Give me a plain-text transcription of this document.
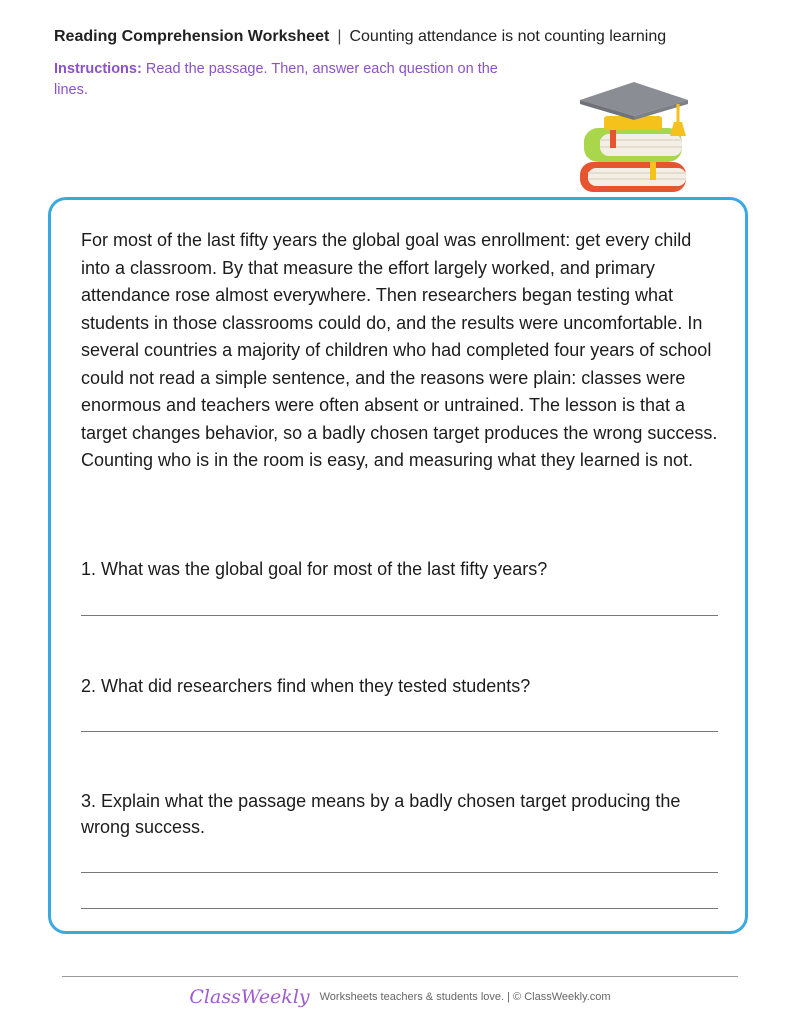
Reading Comprehension Worksheet | Counting attendance is not counting learning
Instructions: Read the passage. Then, answer each question on the lines.

For most of the last fifty years the global goal was enrollment: get every child into a classroom. By that measure the effort largely worked, and primary attendance rose almost everywhere. Then researchers began testing what students in those classrooms could do, and the results were uncomfortable. In several countries a majority of children who had completed four years of school could not read a simple sentence, and the reasons were plain: classes were enormous and teachers were often absent or untrained. The lesson is that a target changes behavior, so a badly chosen target produces the wrong success. Counting who is in the room is easy, and measuring what they learned is not.

1. What was the global goal for most of the last fifty years?
2. What did researchers find when they tested students?
3. Explain what the passage means by a badly chosen target producing the wrong success.
ClassWeekly Worksheets teachers & students love. | © ClassWeekly.com
